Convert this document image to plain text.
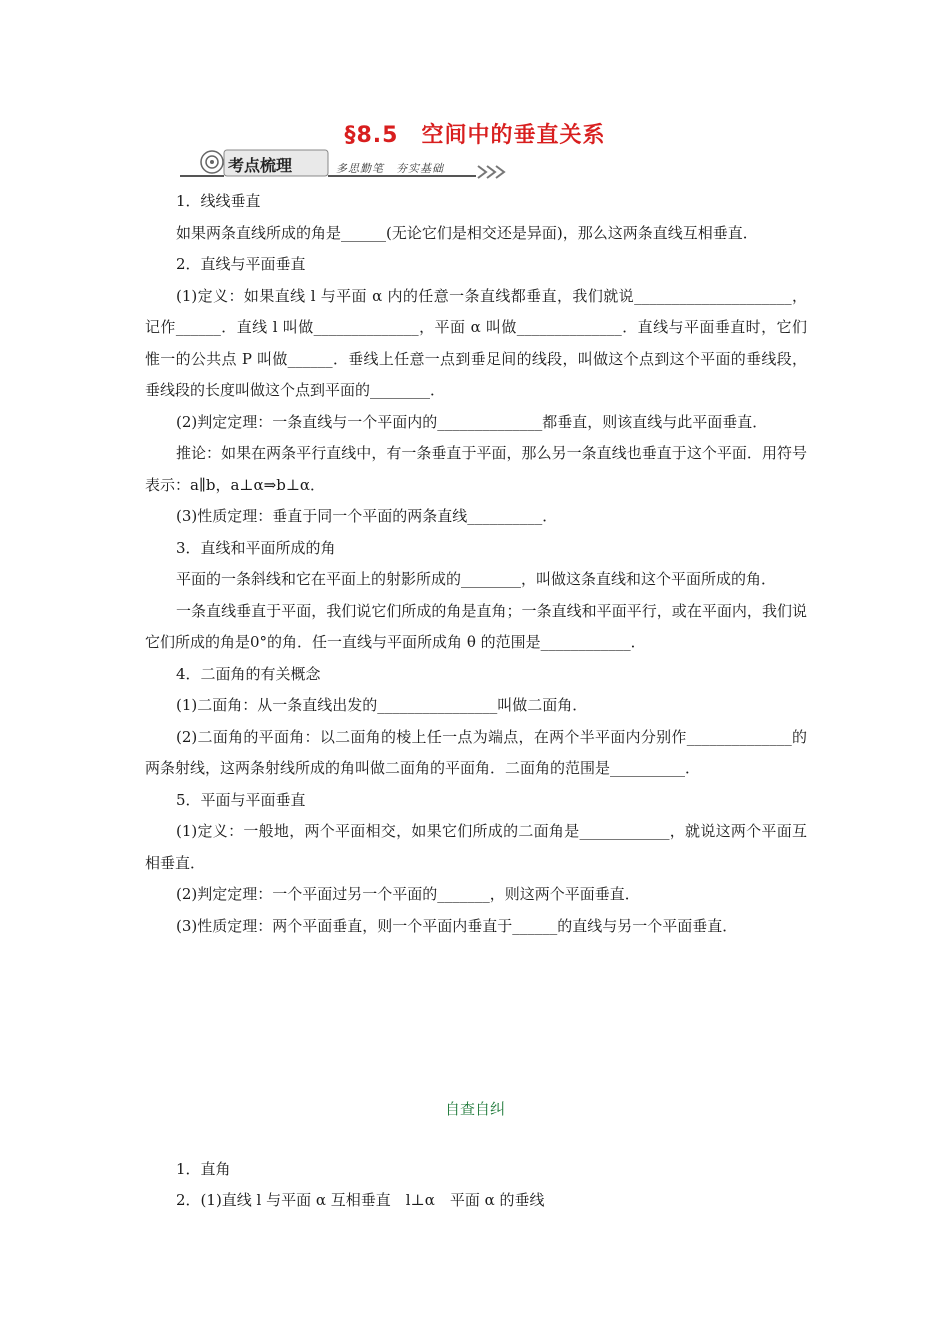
§8.5　空间中的垂直关系
考点梳理	多思勤笔　夯实基础

1．线线垂直

如果两条直线所成的角是______(无论它们是相交还是异面)，那么这两条直线互相垂直．

2．直线与平面垂直

(1)定义：如果直线 l 与平面 α 内的任意一条直线都垂直，我们就说_____________________，记作______．直线 l 叫做______________，平面 α 叫做______________．直线与平面垂直时，它们惟一的公共点 P 叫做______．垂线上任意一点到垂足间的线段，叫做这个点到这个平面的垂线段，垂线段的长度叫做这个点到平面的________．

(2)判定定理：一条直线与一个平面内的______________都垂直，则该直线与此平面垂直．

推论：如果在两条平行直线中，有一条垂直于平面，那么另一条直线也垂直于这个平面．用符号表示：a∥b，a⊥α⇒b⊥α．

(3)性质定理：垂直于同一个平面的两条直线__________．

3．直线和平面所成的角

平面的一条斜线和它在平面上的射影所成的________，叫做这条直线和这个平面所成的角．

一条直线垂直于平面，我们说它们所成的角是直角；一条直线和平面平行，或在平面内，我们说它们所成的角是0°的角．任一直线与平面所成角 θ 的范围是____________．

4．二面角的有关概念

(1)二面角：从一条直线出发的________________叫做二面角．

(2)二面角的平面角：以二面角的棱上任一点为端点，在两个半平面内分别作______________的两条射线，这两条射线所成的角叫做二面角的平面角．二面角的范围是__________．

5．平面与平面垂直

(1)定义：一般地，两个平面相交，如果它们所成的二面角是____________，就说这两个平面互相垂直．

(2)判定定理：一个平面过另一个平面的_______，则这两个平面垂直．

(3)性质定理：两个平面垂直，则一个平面内垂直于______的直线与另一个平面垂直．

自查自纠

1．直角

2．(1)直线 l 与平面 α 互相垂直　l⊥α　平面 α 的垂线
